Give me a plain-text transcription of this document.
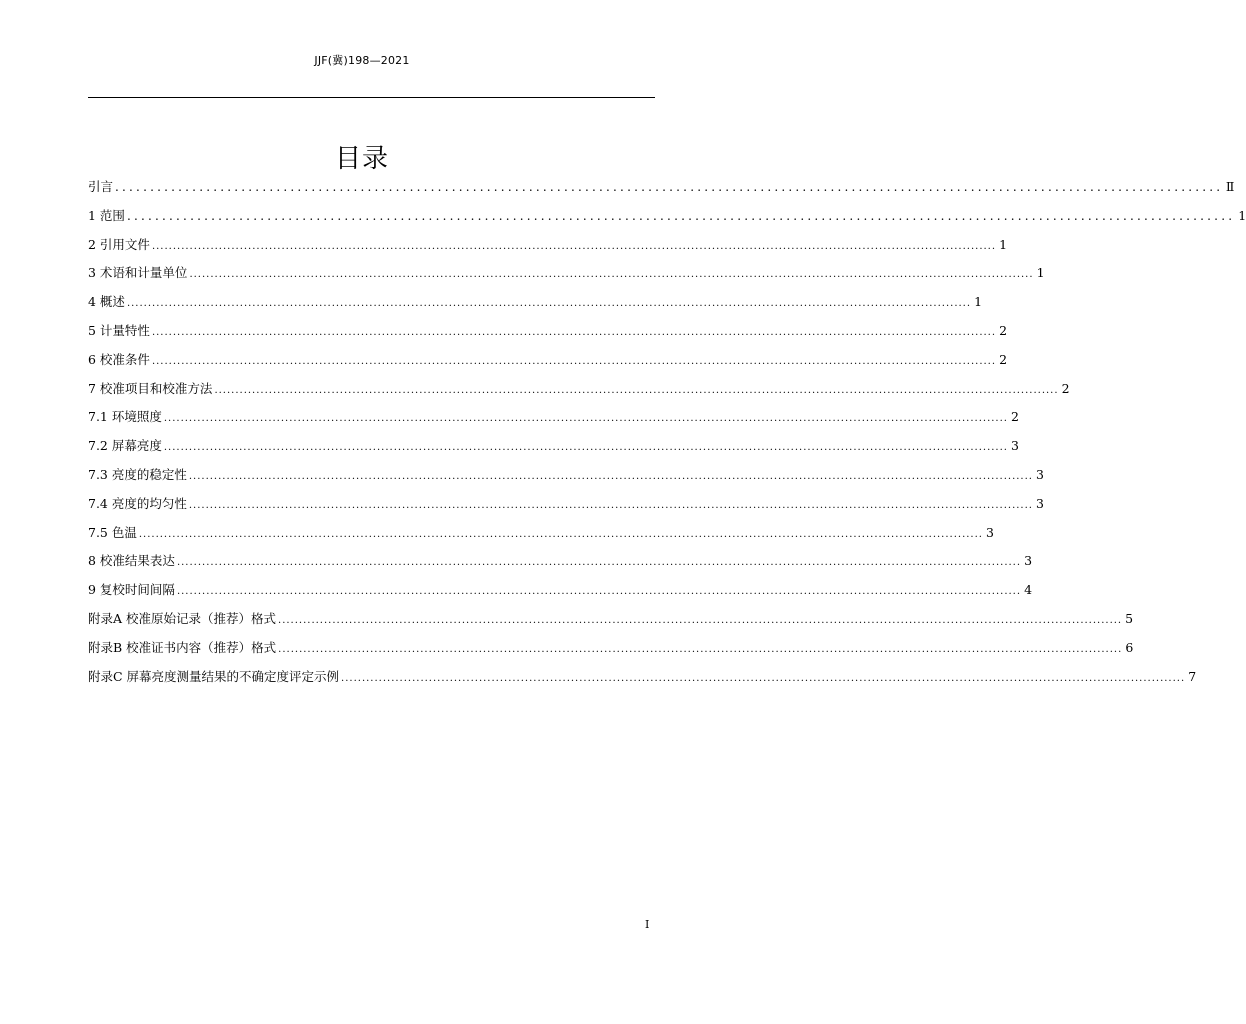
JJF(冀)198—2021
目录
引言 .............................................................................................................................................................. Ⅱ
1 范围 .............................................................................................................................................................. 1
2 引用文件 .......................................................................................................................................................................................................... 1
3 术语和计量单位 .......................................................................................................................................................................................................... 1
4 概述 .......................................................................................................................................................................................................... 1
5 计量特性 .......................................................................................................................................................................................................... 2
6 校准条件 .......................................................................................................................................................................................................... 2
7 校准项目和校准方法 .......................................................................................................................................................................................................... 2
7.1 环境照度 .......................................................................................................................................................................................................... 2
7.2 屏幕亮度 .......................................................................................................................................................................................................... 3
7.3 亮度的稳定性 .......................................................................................................................................................................................................... 3
7.4 亮度的均匀性 .......................................................................................................................................................................................................... 3
7.5 色温 .......................................................................................................................................................................................................... 3
8 校准结果表达 .......................................................................................................................................................................................................... 3
9 复校时间间隔 .......................................................................................................................................................................................................... 4
附录A 校准原始记录（推荐）格式 .......................................................................................................................................................................................................... 5
附录B 校准证书内容（推荐）格式 .......................................................................................................................................................................................................... 6
附录C 屏幕亮度测量结果的不确定度评定示例 .......................................................................................................................................................................................................... 7
I
